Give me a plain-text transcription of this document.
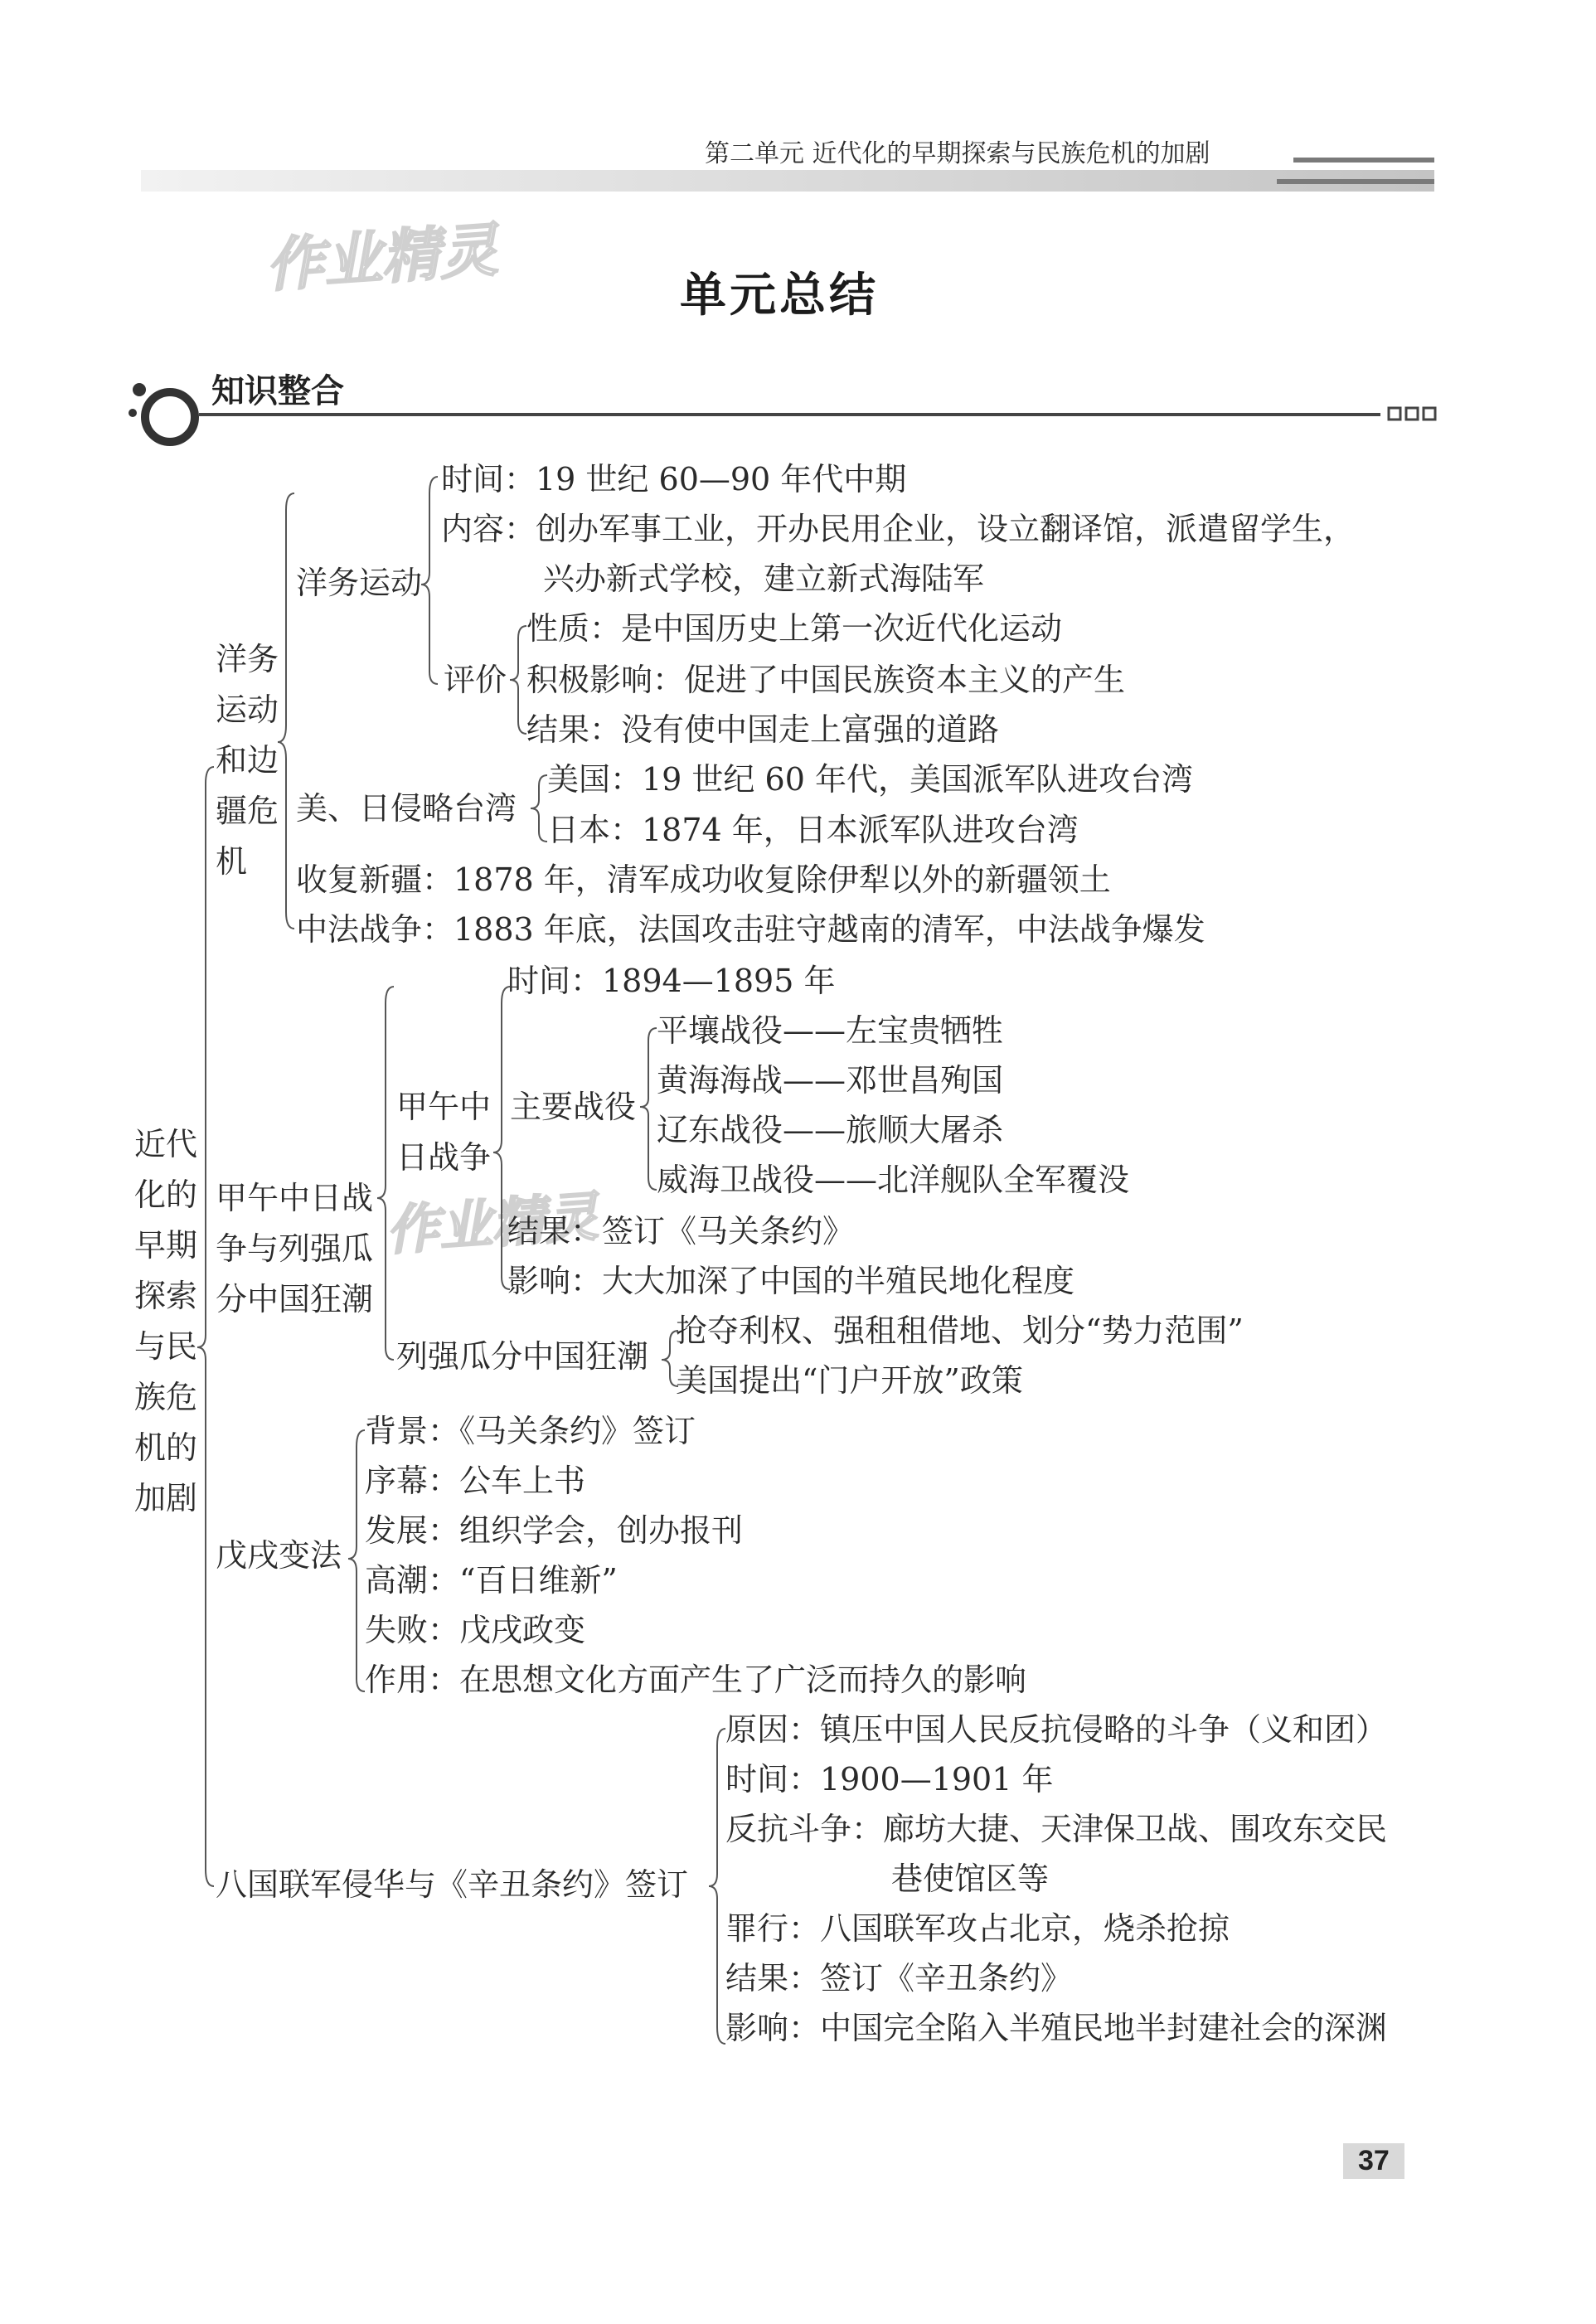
第二单元 近代化的早期探索与民族危机的加剧
作业精灵
作业精灵
单元总结
知识整合
近代
化的
早期
探索
与民
族危
机的
加剧
洋务
运动
和边
疆危
机
洋务运动
时间：19 世纪 60—90 年代中期
内容：创办军事工业，开办民用企业，设立翻译馆，派遣留学生，
兴办新式学校，建立新式海陆军
评价
性质：是中国历史上第一次近代化运动
积极影响：促进了中国民族资本主义的产生
结果：没有使中国走上富强的道路
美、日侵略台湾
美国：19 世纪 60 年代，美国派军队进攻台湾
日本：1874 年，日本派军队进攻台湾
收复新疆：1878 年，清军成功收复除伊犁以外的新疆领土
中法战争：1883 年底，法国攻击驻守越南的清军，中法战争爆发
甲午中日战
争与列强瓜
分中国狂潮
甲午中
日战争
时间：1894—1895 年
主要战役
平壤战役——左宝贵牺牲
黄海海战——邓世昌殉国
辽东战役——旅顺大屠杀
威海卫战役——北洋舰队全军覆没
结果：签订《马关条约》
影响：大大加深了中国的半殖民地化程度
列强瓜分中国狂潮
抢夺利权、强租租借地、划分“势力范围”
美国提出“门户开放”政策
戊戌变法
背景：《马关条约》签订
序幕：公车上书
发展：组织学会，创办报刊
高潮：“百日维新”
失败：戊戌政变
作用：在思想文化方面产生了广泛而持久的影响
八国联军侵华与《辛丑条约》签订
原因：镇压中国人民反抗侵略的斗争（义和团）
时间：1900—1901 年
反抗斗争：廊坊大捷、天津保卫战、围攻东交民
巷使馆区等
罪行：八国联军攻占北京，烧杀抢掠
结果：签订《辛丑条约》
影响：中国完全陷入半殖民地半封建社会的深渊
37
